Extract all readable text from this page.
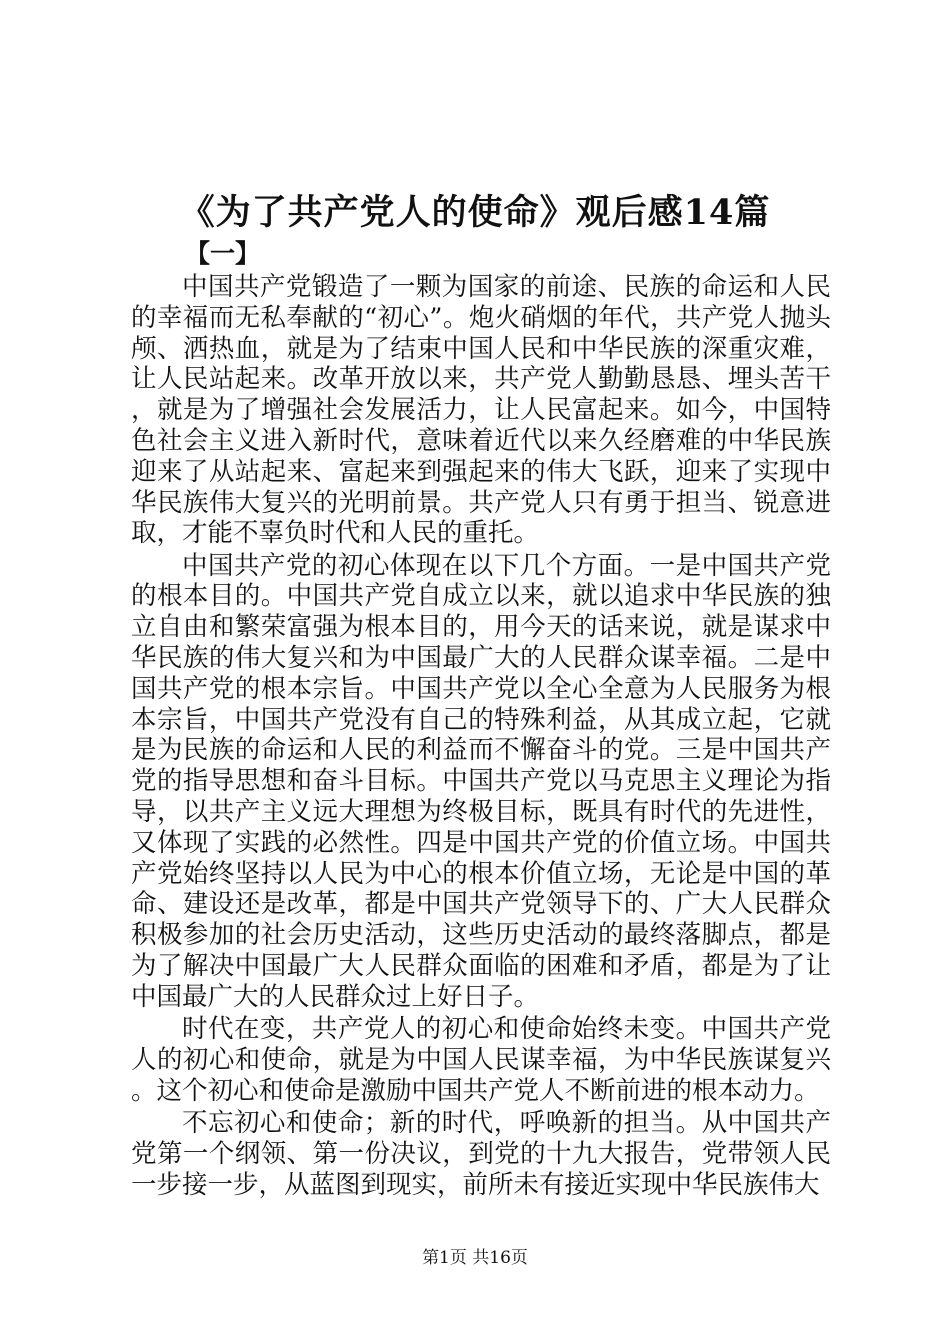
《为了共产党人的使命》观后感14篇
【一】

中国共产党锻造了一颗为国家的前途、民族的命运和人民的幸福而无私奉献的“初心”。炮火硝烟的年代，共产党人抛头颅、洒热血，就是为了结束中国人民和中华民族的深重灾难，让人民站起来。改革开放以来，共产党人勤勤恳恳、埋头苦干，就是为了增强社会发展活力，让人民富起来。如今，中国特色社会主义进入新时代，意味着近代以来久经磨难的中华民族迎来了从站起来、富起来到强起来的伟大飞跃，迎来了实现中华民族伟大复兴的光明前景。共产党人只有勇于担当、锐意进取，才能不辜负时代和人民的重托。

中国共产党的初心体现在以下几个方面。一是中国共产党的根本目的。中国共产党自成立以来，就以追求中华民族的独立自由和繁荣富强为根本目的，用今天的话来说，就是谋求中华民族的伟大复兴和为中国最广大的人民群众谋幸福。二是中国共产党的根本宗旨。中国共产党以全心全意为人民服务为根本宗旨，中国共产党没有自己的特殊利益，从其成立起，它就是为民族的命运和人民的利益而不懈奋斗的党。三是中国共产党的指导思想和奋斗目标。中国共产党以马克思主义理论为指导，以共产主义远大理想为终极目标，既具有时代的先进性，又体现了实践的必然性。四是中国共产党的价值立场。中国共产党始终坚持以人民为中心的根本价值立场，无论是中国的革命、建设还是改革，都是中国共产党领导下的、广大人民群众积极参加的社会历史活动，这些历史活动的最终落脚点，都是为了解决中国最广大人民群众面临的困难和矛盾，都是为了让中国最广大的人民群众过上好日子。

时代在变，共产党人的初心和使命始终未变。中国共产党人的初心和使命，就是为中国人民谋幸福，为中华民族谋复兴。这个初心和使命是激励中国共产党人不断前进的根本动力。

不忘初心和使命；新的时代，呼唤新的担当。从中国共产党第一个纲领、第一份决议，到党的十九大报告，党带领人民一步接一步，从蓝图到现实，前所未有接近实现中华民族伟大

第1页 共16页
